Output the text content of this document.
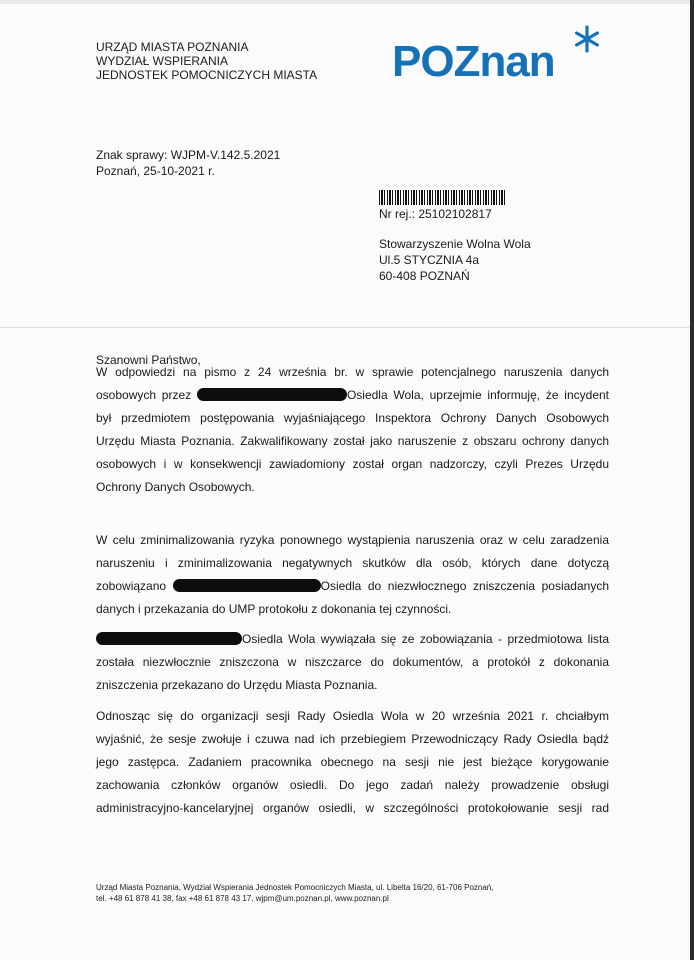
URZĄD MIASTA POZNANIA
WYDZIAŁ WSPIERANIA
JEDNOSTEK POMOCNICZYCH MIASTA POZnan
Znak sprawy: WJPM-V.142.5.2021
Poznań, 25-10-2021 r.
Nr rej.: 25102102817
Stowarzyszenie Wolna Wola
Ul.5 STYCZNIA 4a
60-408 POZNAŃ
Szanowni Państwo,
W odpowiedzi na pismo z 24 września br. w sprawie potencjalnego naruszenia danych
osobowych przez	Osiedla Wola, uprzejmie informuję, że incydent
był przedmiotem postępowania wyjaśniającego Inspektora Ochrony Danych Osobowych
Urzędu Miasta Poznania. Zakwalifikowany został jako naruszenie z obszaru ochrony danych
osobowych i w konsekwencji zawiadomiony został organ nadzorczy, czyli Prezes Urzędu
Ochrony Danych Osobowych.
W celu zminimalizowania ryzyka ponownego wystąpienia naruszenia oraz w celu zaradzenia
naruszeniu i zminimalizowania negatywnych skutków dla osób, których dane dotyczą
zobowiązano	Osiedla do niezwłocznego zniszczenia posiadanych
danych i przekazania do UMP protokołu z dokonania tej czynności.
Osiedla Wola wywiązała się ze zobowiązania - przedmiotowa lista
została niezwłocznie zniszczona w niszczarce do dokumentów, a protokół z dokonania
zniszczenia przekazano do Urzędu Miasta Poznania.
Odnosząc się do organizacji sesji Rady Osiedla Wola w 20 września 2021 r. chciałbym
wyjaśnić, że sesje zwołuje i czuwa nad ich przebiegiem Przewodniczący Rady Osiedla bądź
jego zastępca. Zadaniem pracownika obecnego na sesji nie jest bieżące korygowanie
zachowania członków organów osiedli. Do jego zadań należy prowadzenie obsługi
administracyjno-kancelaryjnej organów osiedli, w szczególności protokołowanie sesji rad
Urząd Miasta Poznania, Wydział Wspierania Jednostek Pomocniczych Miasta, ul. Libelta 16/20, 61-706 Poznań,
tel. +48 61 878 41 38, fax +48 61 878 43 17, wjpm@um.poznan.pl, www.poznan.pl
